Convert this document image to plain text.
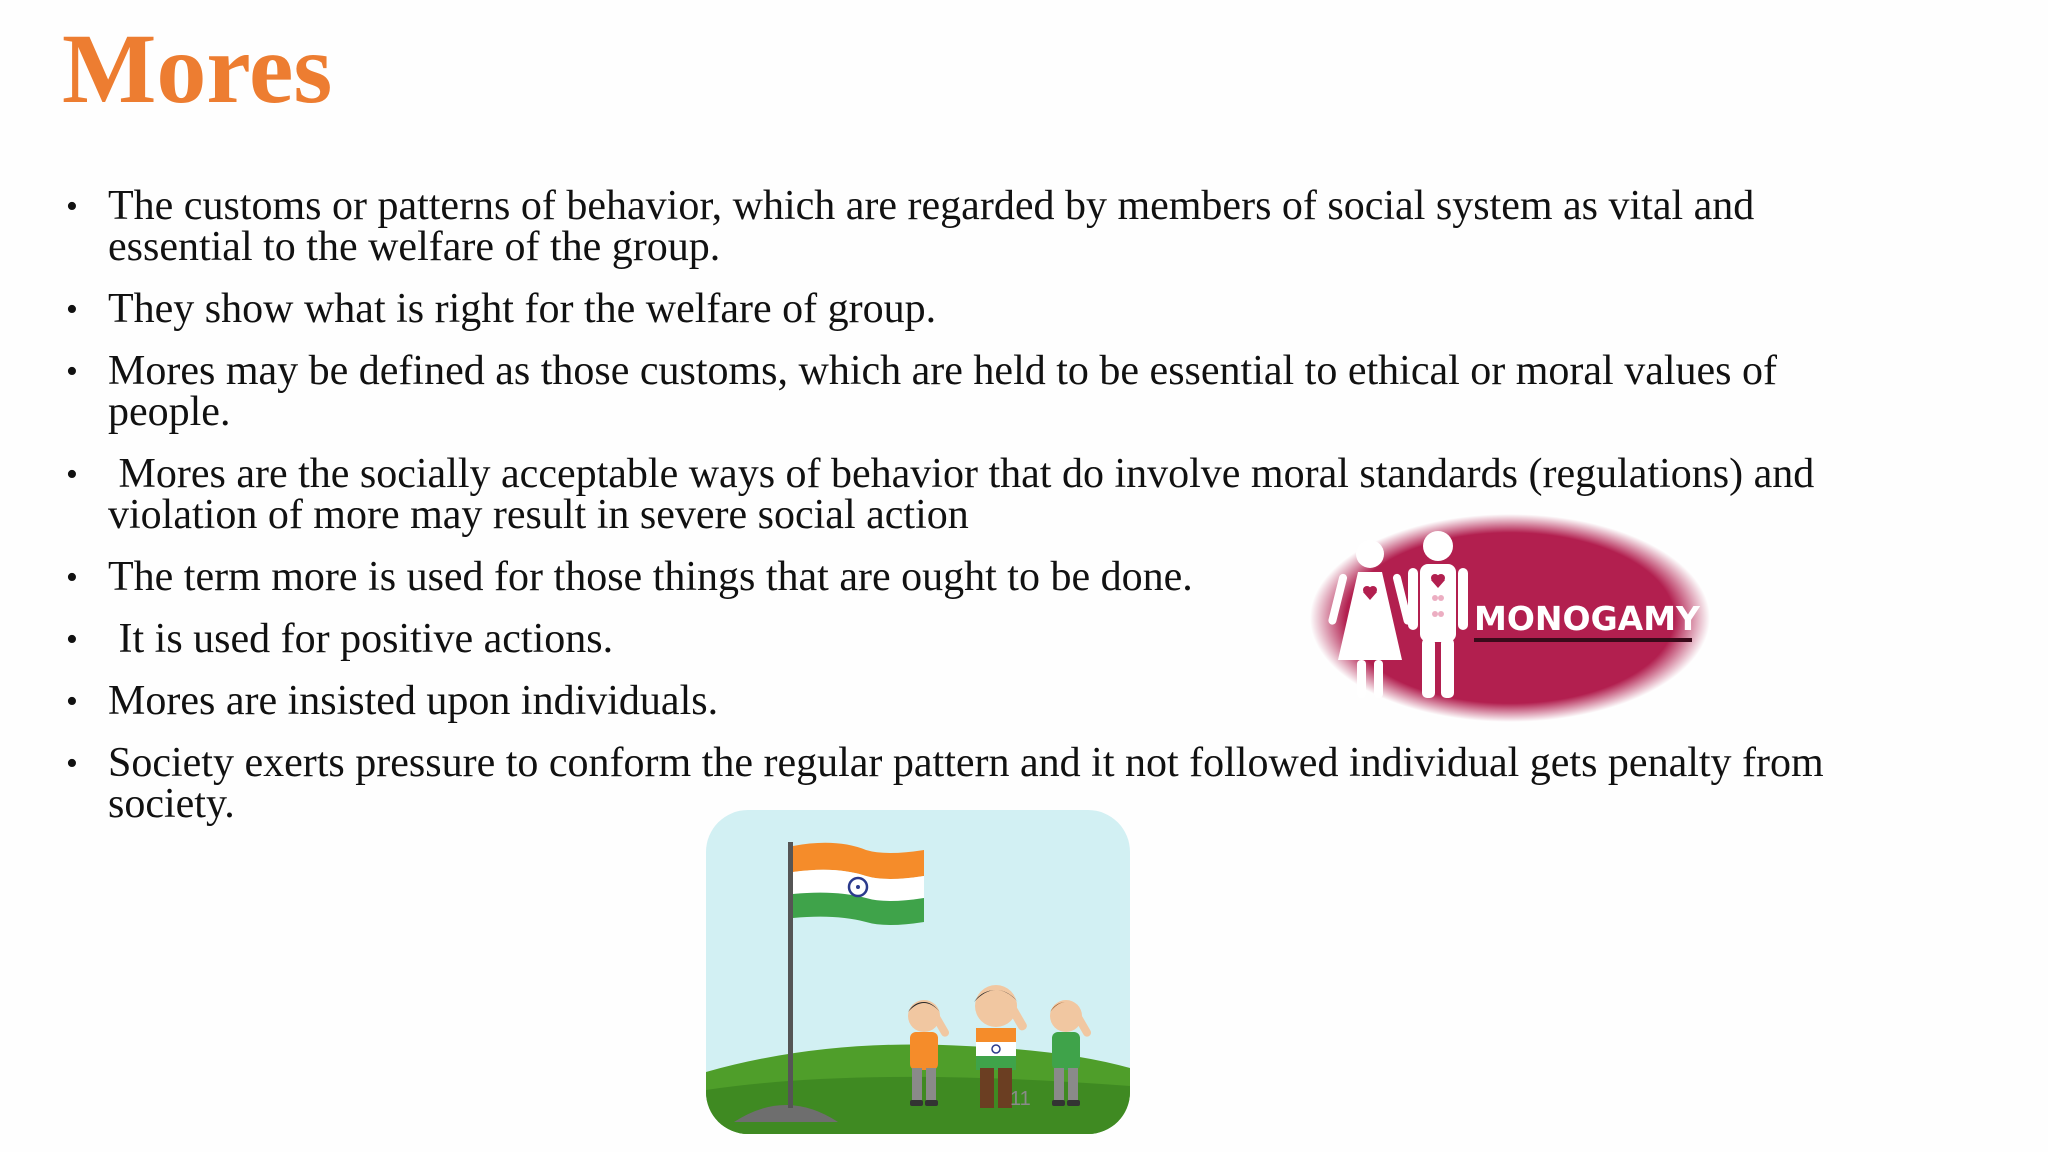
Mores
• The customs or patterns of behavior, which are regarded by members of social system as vital and essential to the welfare of the group.
• They show what is right for the welfare of group.
• Mores may be defined as those customs, which are held to be essential to ethical or moral values of people.
• Mores are the socially acceptable ways of behavior that do involve moral standards (regulations) and violation of more may result in severe social action
• The term more is used for those things that are ought to be done.
• It is used for positive actions.
• Mores are insisted upon individuals.
• Society exerts pressure to conform the regular pattern and it not followed individual gets penalty from society.
MONOGAMY
11
